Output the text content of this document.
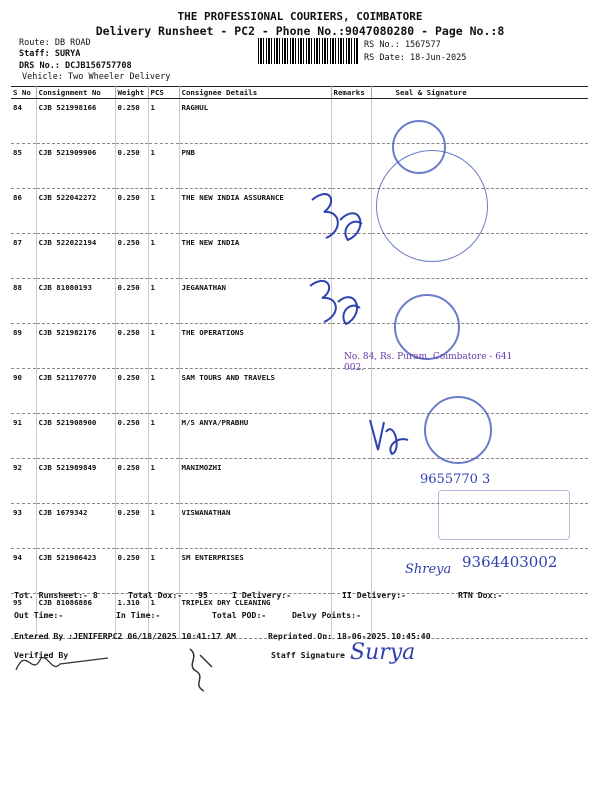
THE PROFESSIONAL COURIERS, COIMBATORE
Delivery Runsheet - PC2 - Phone No.:9047080280 - Page No.:8
Route: DB ROAD
Staff: SURYA
DRS No.: DCJB156757708
Vehicle: Two Wheeler Delivery
RS No.: 1567577
RS Date: 18-Jun-2025
S No	Consignment No	Weight	PCS	Consignee Details	Remarks	Seal & Signature
84	CJB 521998166	0.250	1	RAGHUL		
85	CJB 521909906	0.250	1	PNB		
86	CJB 522042272	0.250	1	THE NEW INDIA ASSURANCE		
87	CJB 522022194	0.250	1	THE NEW INDIA		
88	CJB 81080193	0.250	1	JEGANATHAN		
89	CJB 521982176	0.250	1	THE OPERATIONS		
90	CJB 521170770	0.250	1	SAM TOURS AND TRAVELS		
91	CJB 521908900	0.250	1	M/S ANYA/PRABHU		
92	CJB 521989849	0.250	1	MANIMOZHI		
93	CJB 1679342	0.250	1	VISWANATHAN		
94	CJB 521986423	0.250	1	SM ENTERPRISES		
95	CJB 81086886	1.310	1	TRIPLEX DRY CLEANING		
No. 84, Rs. Puram, Coimbatore - 641 002.
9655770 3
Shreya 9364403002
Tot. Runsheet:- 8	Total Dox:- 95	I Delivery:-	II Delivery:-	RTN Dox:-
Out Time:-	In Time:-	Total POD:-	Delvy Points:-
Entered By :JENIFERPC2 06/18/2025 10:41:17 AM	Reprinted On: 18-06-2025 10:45:40
Verified By	Staff Signature Surya
